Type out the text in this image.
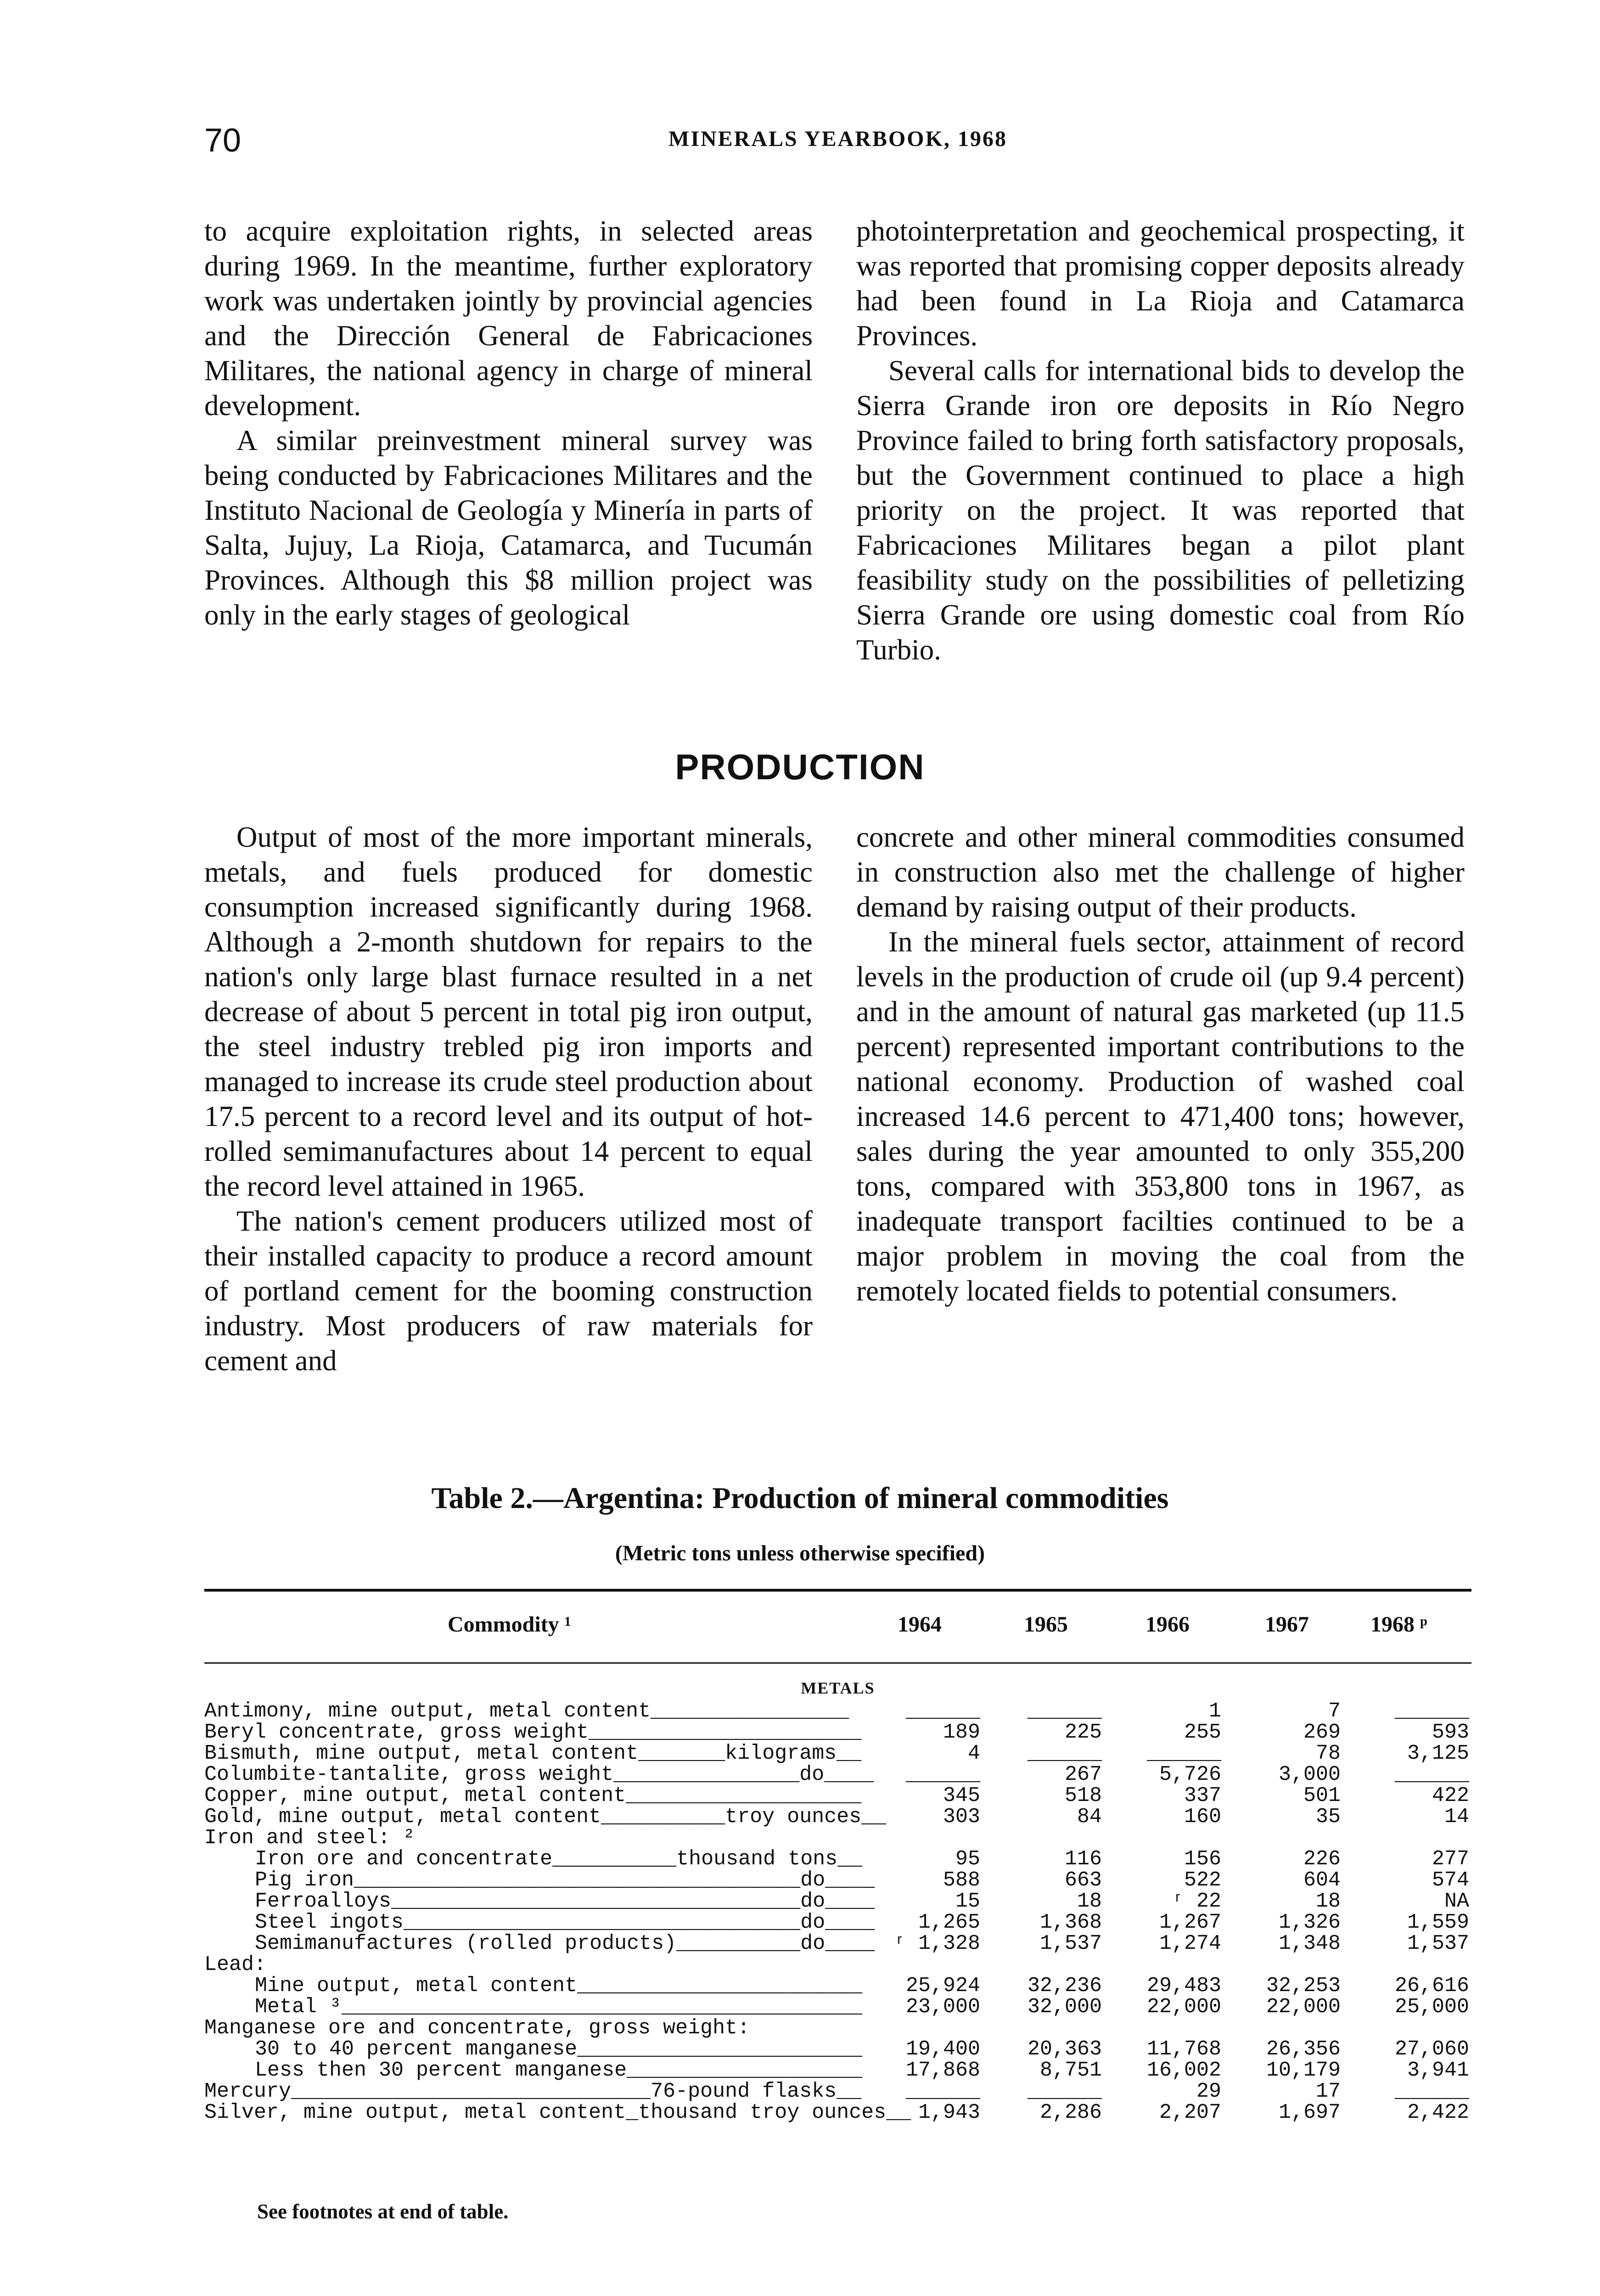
70	MINERALS YEARBOOK, 1968

to acquire exploitation rights, in selected areas during 1969. In the meantime, further exploratory work was undertaken jointly by provincial agencies and the Dirección General de Fabricaciones Militares, the national agency in charge of mineral development.

A similar preinvestment mineral survey was being conducted by Fabricaciones Militares and the Instituto Nacional de Geología y Minería in parts of Salta, Jujuy, La Rioja, Catamarca, and Tucumán Provinces. Although this $8 million project was only in the early stages of geological

photointerpretation and geochemical prospecting, it was reported that promising copper deposits already had been found in La Rioja and Catamarca Provinces.

Several calls for international bids to develop the Sierra Grande iron ore deposits in Río Negro Province failed to bring forth satisfactory proposals, but the Government continued to place a high priority on the project. It was reported that Fabricaciones Militares began a pilot plant feasibility study on the possibilities of pelletizing Sierra Grande ore using domestic coal from Río Turbio.

PRODUCTION

Output of most of the more important minerals, metals, and fuels produced for domestic consumption increased significantly during 1968. Although a 2-month shutdown for repairs to the nation's only large blast furnace resulted in a net decrease of about 5 percent in total pig iron output, the steel industry trebled pig iron imports and managed to increase its crude steel production about 17.5 percent to a record level and its output of hot-rolled semimanufactures about 14 percent to equal the record level attained in 1965.

The nation's cement producers utilized most of their installed capacity to produce a record amount of portland cement for the booming construction industry. Most producers of raw materials for cement and

concrete and other mineral commodities consumed in construction also met the challenge of higher demand by raising output of their products.

In the mineral fuels sector, attainment of record levels in the production of crude oil (up 9.4 percent) and in the amount of natural gas marketed (up 11.5 percent) represented important contributions to the national economy. Production of washed coal increased 14.6 percent to 471,400 tons; however, sales during the year amounted to only 355,200 tons, compared with 353,800 tons in 1967, as inadequate transport facilties continued to be a major problem in moving the coal from the remotely located fields to potential consumers.

Table 2.—Argentina: Production of mineral commodities
(Metric tons unless otherwise specified)
Commodity ¹	1964	1965	1966	1967	1968 ᵖ
METALS
Antimony, mine output, metal content________________	______	______	1	7	______
Beryl concentrate, gross weight______________________	189	225	255	269	593
Bismuth, mine output, metal content_______kilograms__	4	______	______	78	3,125
Columbite-tantalite, gross weight_______________do____	______	267	5,726	3,000	______
Copper, mine output, metal content___________________	345	518	337	501	422
Gold, mine output, metal content__________troy ounces__	303	84	160	35	14
Iron and steel: ²
Iron ore and concentrate__________thousand tons__	95	116	156	226	277
Pig iron____________________________________do____	588	663	522	604	574
Ferroalloys_________________________________do____	15	18	ʳ 22	18	NA
Steel ingots________________________________do____	1,265	1,368	1,267	1,326	1,559
Semimanufactures (rolled products)__________do____ ʳ 1,328	1,537	1,274	1,348	1,537
Lead:
Mine output, metal content_______________________	25,924	32,236	29,483	32,253	26,616
Metal ³__________________________________________	23,000	32,000	22,000	22,000	25,000
Manganese ore and concentrate, gross weight:
30 to 40 percent manganese_______________________	19,400	20,363	11,768	26,356	27,060
Less then 30 percent manganese___________________	17,868	8,751	16,002	10,179	3,941
Mercury_____________________________76-pound flasks__	______	______	29	17	______
Silver, mine output, metal content_thousand troy ounces__ 1,943	2,286	2,207	1,697	2,422
See footnotes at end of table.
